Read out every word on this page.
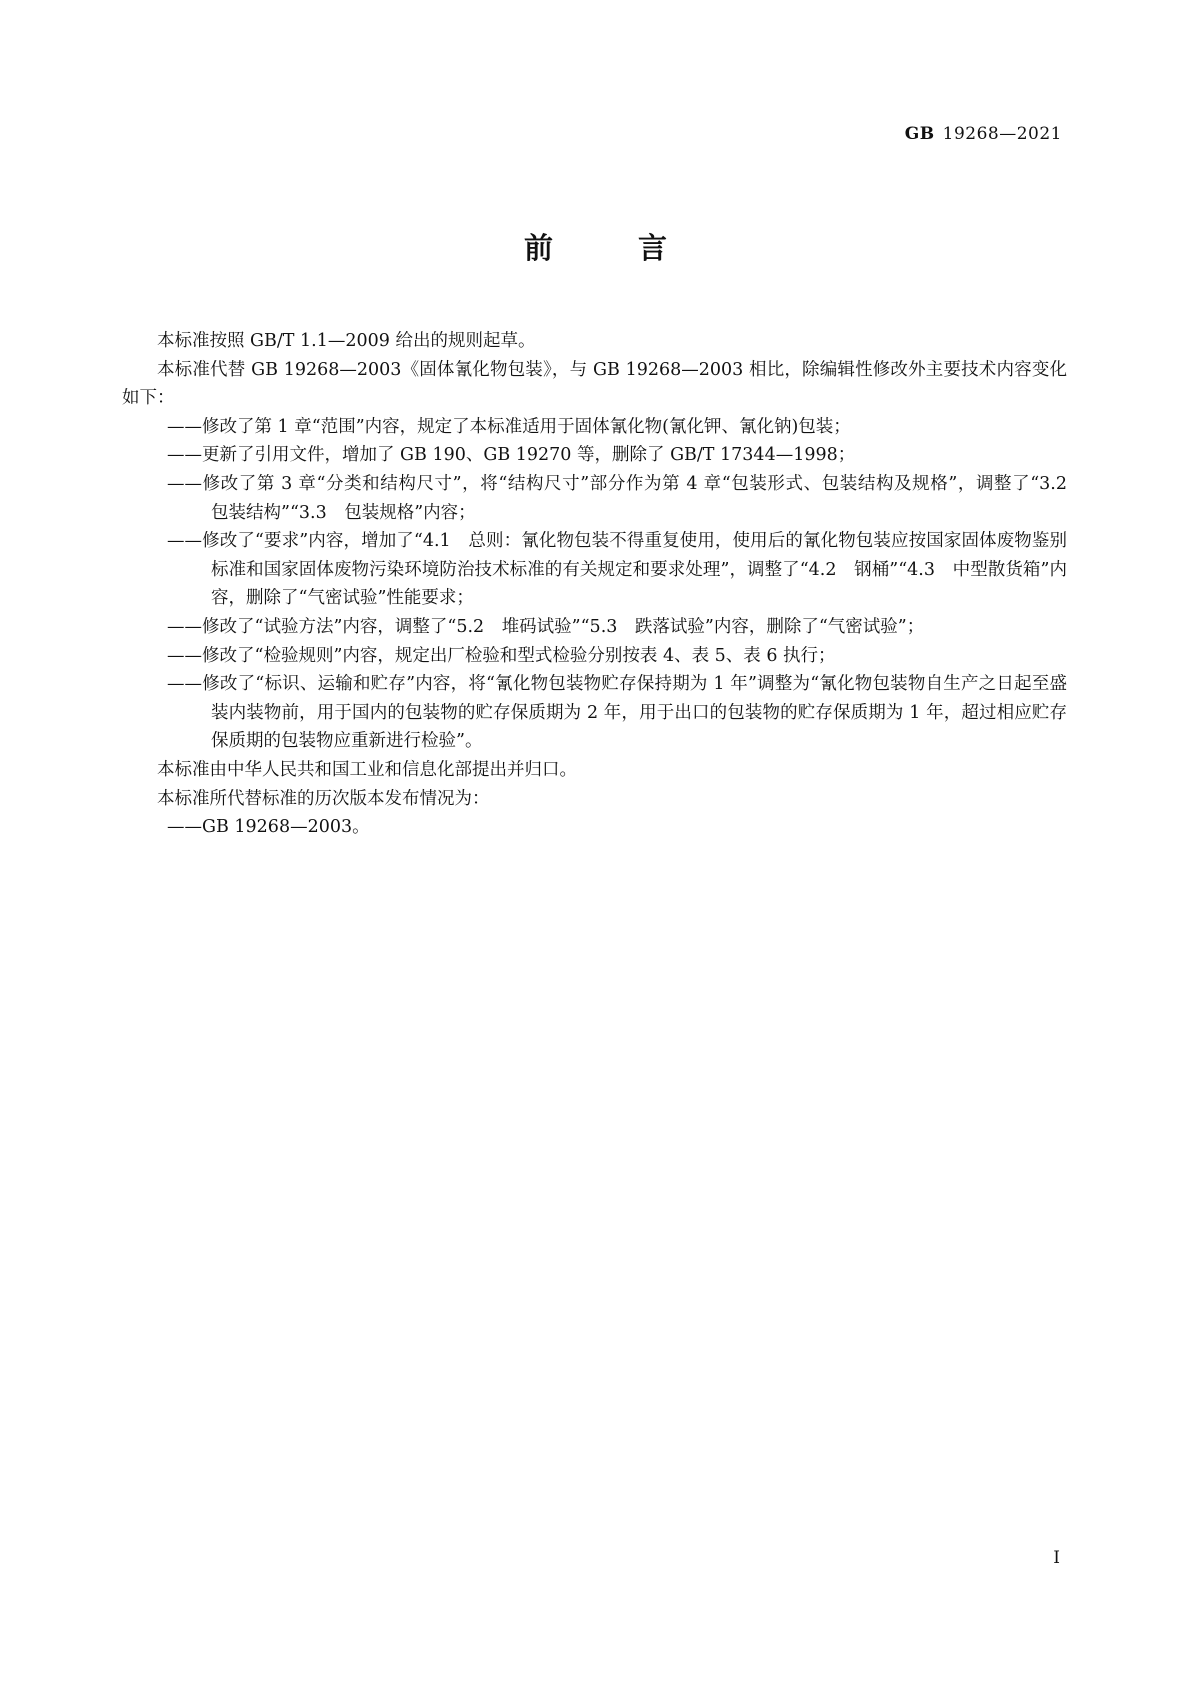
GB 19268—2021
前　言

本标准按照 GB/T 1.1—2009 给出的规则起草。

本标准代替 GB 19268—2003《固体氰化物包装》，与 GB 19268—2003 相比，除编辑性修改外主要技术内容变化如下：

——修改了第 1 章“范围”内容，规定了本标准适用于固体氰化物(氰化钾、氰化钠)包装；

——更新了引用文件，增加了 GB 190、GB 19270 等，删除了 GB/T 17344—1998；

——修改了第 3 章“分类和结构尺寸”，将“结构尺寸”部分作为第 4 章“包装形式、包装结构及规格”，调整了“3.2　包装结构”“3.3　包装规格”内容；

——修改了“要求”内容，增加了“4.1　总则：氰化物包装不得重复使用，使用后的氰化物包装应按国家固体废物鉴别标准和国家固体废物污染环境防治技术标准的有关规定和要求处理”，调整了“4.2　钢桶”“4.3　中型散货箱”内容，删除了“气密试验”性能要求；

——修改了“试验方法”内容，调整了“5.2　堆码试验”“5.3　跌落试验”内容，删除了“气密试验”；

——修改了“检验规则”内容，规定出厂检验和型式检验分别按表 4、表 5、表 6 执行；

——修改了“标识、运输和贮存”内容，将“氰化物包装物贮存保持期为 1 年”调整为“氰化物包装物自生产之日起至盛装内装物前，用于国内的包装物的贮存保质期为 2 年，用于出口的包装物的贮存保质期为 1 年，超过相应贮存保质期的包装物应重新进行检验”。

本标准由中华人民共和国工业和信息化部提出并归口。

本标准所代替标准的历次版本发布情况为：

——GB 19268—2003。

I
